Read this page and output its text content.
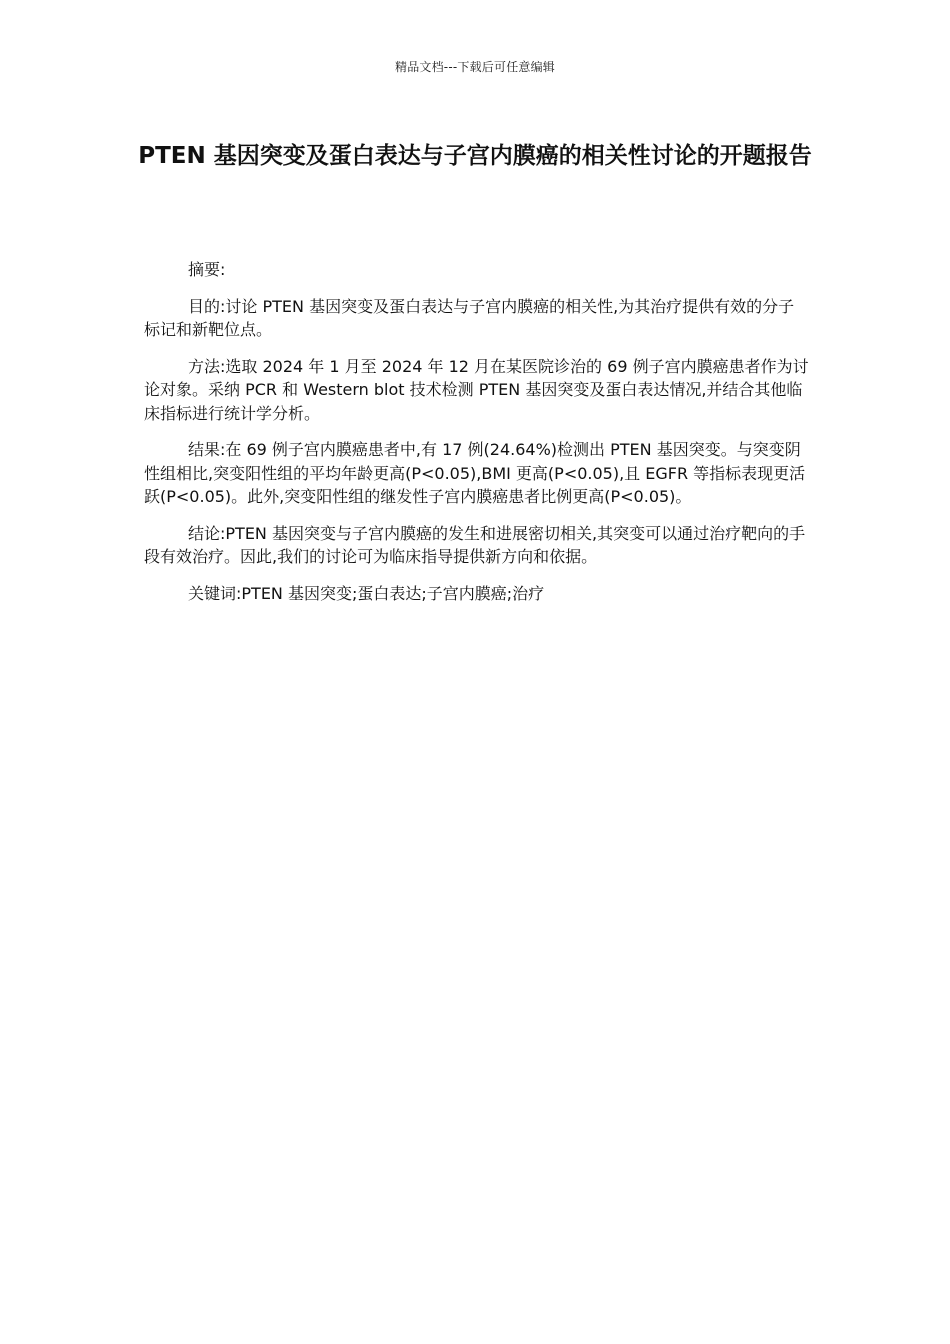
精品文档---下载后可任意编辑
PTEN 基因突变及蛋白表达与子宫内膜癌的相关性讨论的开题报告

摘要:

目的:讨论 PTEN 基因突变及蛋白表达与子宫内膜癌的相关性,为其治疗提供有效的分子标记和新靶位点。

方法:选取 2024 年 1 月至 2024 年 12 月在某医院诊治的 69 例子宫内膜癌患者作为讨论对象。采纳 PCR 和 Western blot 技术检测 PTEN 基因突变及蛋白表达情况,并结合其他临床指标进行统计学分析。

结果:在 69 例子宫内膜癌患者中,有 17 例(24.64%)检测出 PTEN 基因突变。与突变阴性组相比,突变阳性组的平均年龄更高(P<0.05),BMI 更高(P<0.05),且 EGFR 等指标表现更活跃(P<0.05)。此外,突变阳性组的继发性子宫内膜癌患者比例更高(P<0.05)。

结论:PTEN 基因突变与子宫内膜癌的发生和进展密切相关,其突变可以通过治疗靶向的手段有效治疗。因此,我们的讨论可为临床指导提供新方向和依据。

关键词:PTEN 基因突变;蛋白表达;子宫内膜癌;治疗
